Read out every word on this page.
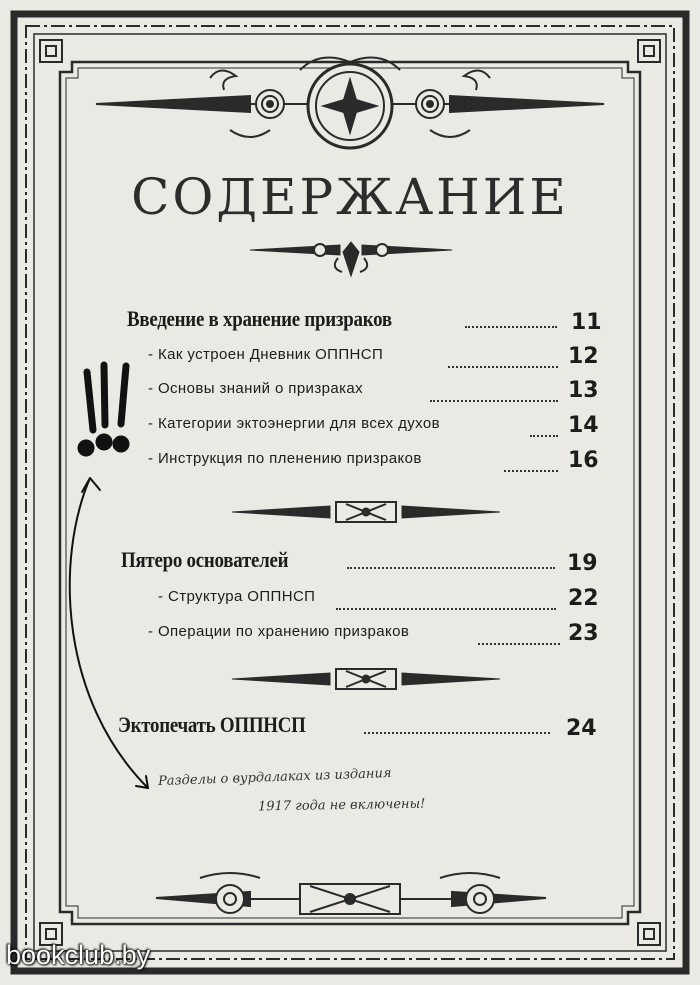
СОДЕРЖАНИЕ
Введение в хранение призраков	11
- Как устроен Дневник ОППНСП	12
- Основы знаний о призраках	13
- Категории эктоэнергии для всех духов	14
- Инструкция по пленению призраков	16
Пятеро основателей	19
- Структура ОППНСП	22
- Операции по хранению призраков	23
Эктопечать ОППНСП	24
Разделы о вурдалаках из издания
1917 года не включены!
bookclub.by
